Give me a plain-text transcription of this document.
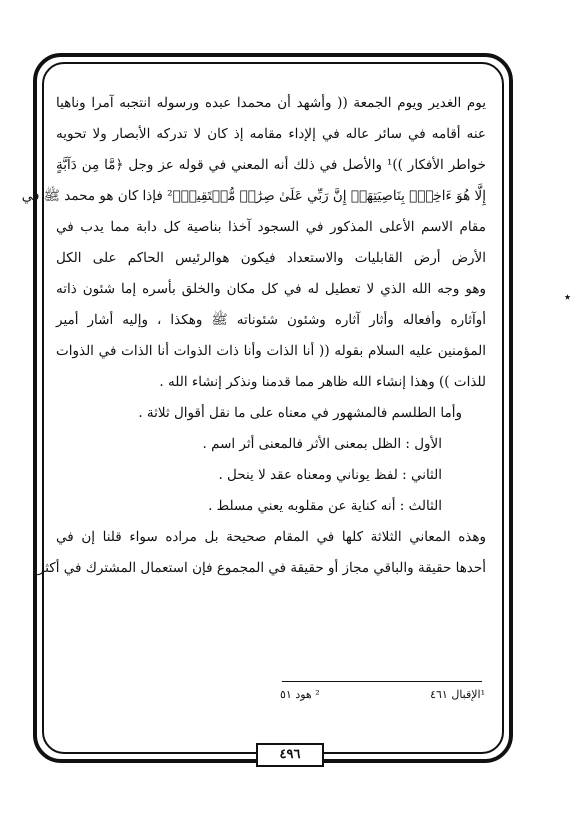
يوم الغدير ويوم الجمعة (( وأشهد أن محمدا عبده ورسوله انتجبه آمرا وناهيا
عنه أقامه في سائر عاله في إلإداء مقامه إذ كان لا تدركه الأبصار ولا تحويه
خواطر الأفكار ))¹ والأصل في ذلك أنه المعني في قوله عز وجل ﴿مَّا مِن دَآبَّةٍ
إِلَّا هُوَ ءَاخِذٌۢ بِنَاصِيَتِهَآۚ إِنَّ رَبِّي عَلَىٰ صِرَٰطٖ مُّسۡتَقِيمٖ﴾² فإذا كان هو محمد ﷺ في
مقام الاسم الأعلى المذكور في السجود آخذا بناصية كل دابة مما يدب في
الأرض أرض القابليات والاستعداد فيكون هوالرئيس الحاكم على الكل
وهو وجه الله الذي لا تعطيل له في كل مكان والخلق بأسره إما شئون ذاته
أوآثاره وأفعاله وأثار آثاره وشئون شئوناته ﷺ وهكذا ، وإليه أشار أمير
المؤمنين عليه السلام بقوله (( أنا الذات وأنا ذات الذوات أنا الذات في الذوات
للذات )) وهذا إنشاء الله ظاهر مما قدمنا ونذكر إنشاء الله .
وأما الطلسم فالمشهور في معناه على ما نقل أقوال ثلاثة .
الأول : الظل بمعنى الأثر فالمعنى أثر اسم .
الثاني : لفظ يوناني ومعناه عقد لا ينحل .
الثالث : أنه كناية عن مقلوبه يعني مسلط .
وهذه المعاني الثلاثة كلها في المقام صحيحة بل مراده سواء قلنا إن في
أحدها حقيقة والباقي مجاز أو حقيقة في المجموع فإن استعمال المشترك في أكثر
¹الإقبال ٤٦١
² هود ٥١
٤٩٦
٭
